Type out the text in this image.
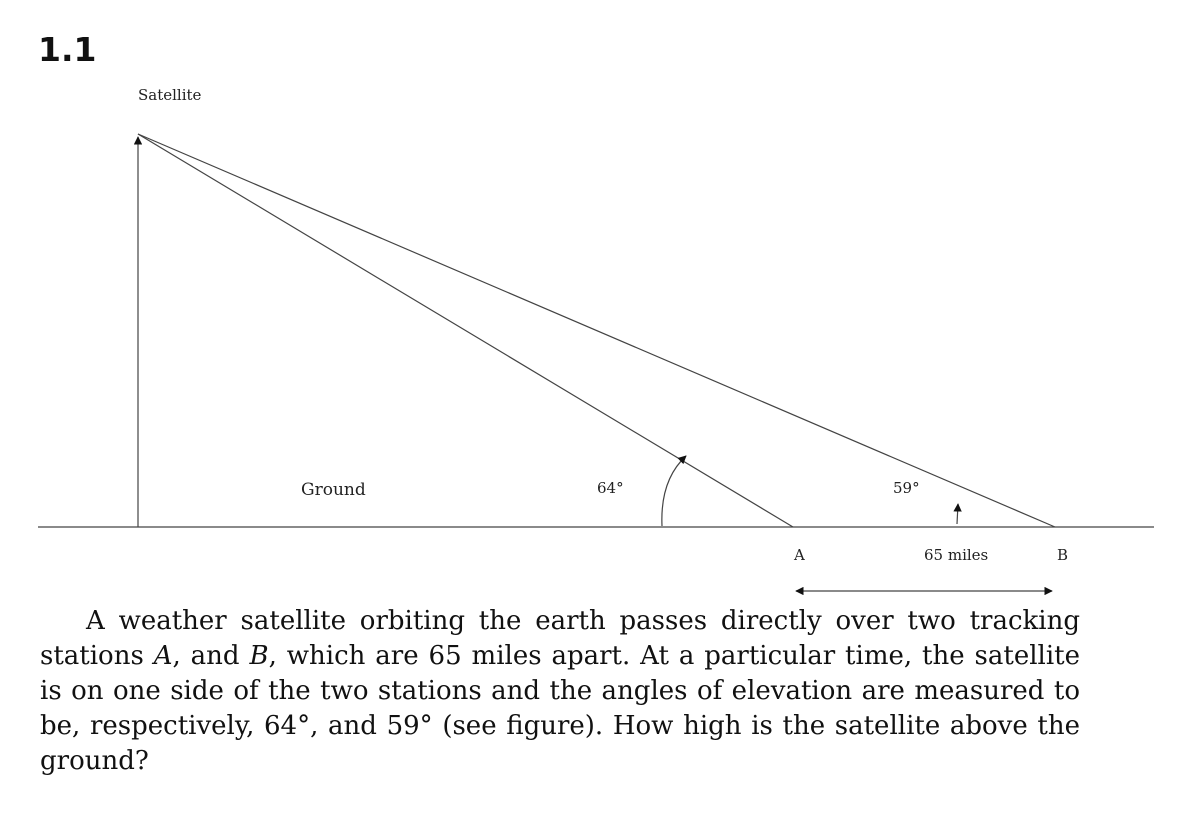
1.1
Satellite
Ground	64°	59°
A	65 miles	B

A weather satellite orbiting the earth passes directly over two tracking stations A, and B, which are 65 miles apart. At a particular time, the satellite is on one side of the two stations and the angles of elevation are measured to be, respectively, 64°, and 59° (see figure). How high is the satellite above the ground?
